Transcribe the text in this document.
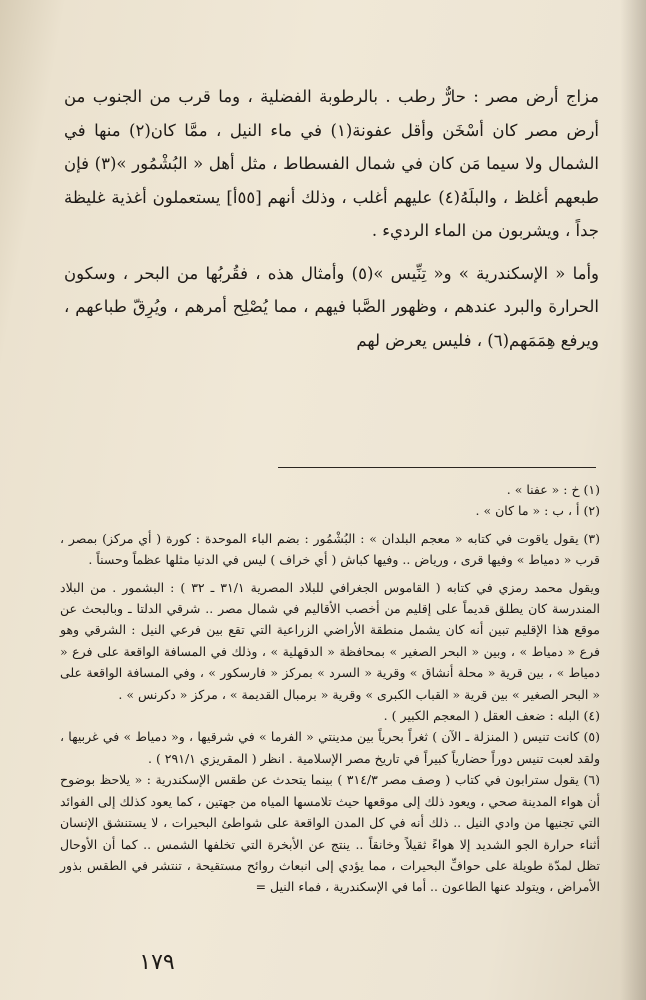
مزاج أرض مصر : حارٌّ رطب . بالرطوبة الفضلية ، وما قرب من الجنوب من أرض مصر كان أسْخَن وأقل عفونة(١) في ماء النيل ، ممَّا كان(٢) منها في الشمال ولا سيما مَن كان في شمال الفسطاط ، مثل أهل « البُشْمُور »(٣) فإن طبعهم أغلظ ، والبلَهُ(٤) عليهم أغلب ، وذلك أنهم [٥٥أ] يستعملون أغذية غليظة جداً ، ويشربون من الماء الرديء .

وأما « الإسكندرية » و« تِنِّيس »(٥) وأمثال هذه ، فقُربُها من البحر ، وسكون الحرارة والبرد عندهم ، وظهور الصَّبا فيهم ، مما يُصْلِح أمرهم ، ويُرِقّ طباعهم ، ويرفع هِمَمَهم(٦) ، فليس يعرض لهم

(١) خ : « عفنا » .

(٢) أ ، ب : « ما كان » .

(٣) يقول ياقوت في كتابه « معجم البلدان » : البُشْمُور : بضم الباء الموحدة : كورة ( أي مركز) بمصر ، قرب « دمياط » وفيها قرى ، ورياض .. وفيها كباش ( أي خراف ) ليس في الدنيا مثلها عظماً وحسناً .

ويقول محمد رمزي في كتابه ( القاموس الجغرافي للبلاد المصرية ٣١/١ ـ ٣٢ ) : البشمور . من البلاد المندرسة كان يطلق قديماً على إقليم من أخصب الأقاليم في شمال مصر .. شرقي الدلتا ـ وبالبحث عن موقع هذا الإقليم تبين أنه كان يشمل منطقة الأراضي الزراعية التي تقع بين فرعي النيل : الشرقي وهو فرع « دمياط » ، وبين « البحر الصغير » بمحافظة « الدقهلية » ، وذلك في المسافة الواقعة على فرع « دمياط » ، بين قرية « محلة أنشاق » وقرية « السرد » بمركز « فارسكور » ، وفي المسافة الواقعة على « البحر الصغير » بين قرية « القباب الكبرى » وقرية « برمبال القديمة » ، مركز « دكرنس » .

(٤) البله : ضعف العقل ( المعجم الكبير ) .

(٥) كانت تنيس ( المنزلة ـ الآن ) ثغراً بحرياً بين مدينتي « الفرما » في شرقيها ، و« دمياط » في غربيها ، ولقد لعبت تنيس دوراً حضارياً كبيراً في تاريخ مصر الإسلامية . انظر ( المقريزي ٢٩١/١ ) .

(٦) يقول سترابون في كتاب ( وصف مصر ٣١٤/٣ ) بينما يتحدث عن طقس الإسكندرية : « يلاحظ بوضوح أن هواء المدينة صحي ، ويعود ذلك إلى موقعها حيث تلامسها المياه من جهتين ، كما يعود كذلك إلى الفوائد التي تجنيها من وادي النيل .. ذلك أنه في كل المدن الواقعة على شواطئ البحيرات ، لا يستنشق الإنسان أثناء حرارة الجو الشديد إلا هواءً ثقيلاً وخانقاً .. ينتج عن الأبخرة التي تخلفها الشمس .. كما أن الأوحال تظل لمدّة طويلة على حوافِّ البحيرات ، مما يؤدي إلى انبعاث روائح مستقيحة ، تنتشر في الطقس بذور الأمراض ، ويتولد عنها الطاعون .. أما في الإسكندرية ، فماء النيل =

١٧٩
